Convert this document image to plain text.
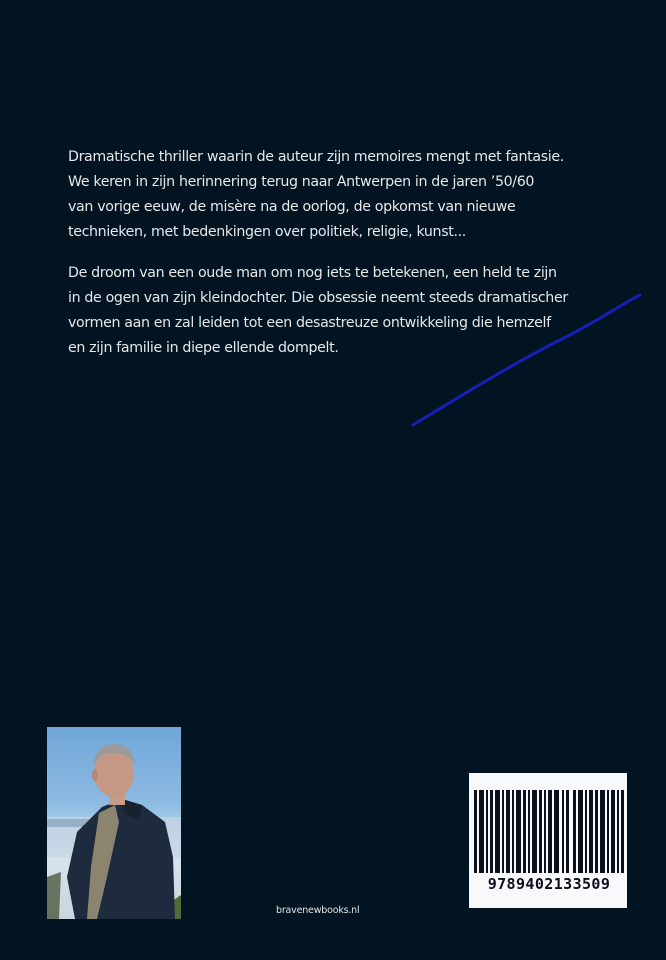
Dramatische thriller waarin de auteur zijn memoires mengt met fantasie.
We keren in zijn herinnering terug naar Antwerpen in de jaren ’50/60
van vorige eeuw, de misère na de oorlog, de opkomst van nieuwe
technieken, met bedenkingen over politiek, religie, kunst...

De droom van een oude man om nog iets te betekenen, een held te zijn
in de ogen van zijn kleindochter. Die obsessie neemt steeds dramatischer
vormen aan en zal leiden tot een desastreuze ontwikkeling die hemzelf
en zijn familie in diepe ellende dompelt.

bravenewbooks.nl
9789402133509
